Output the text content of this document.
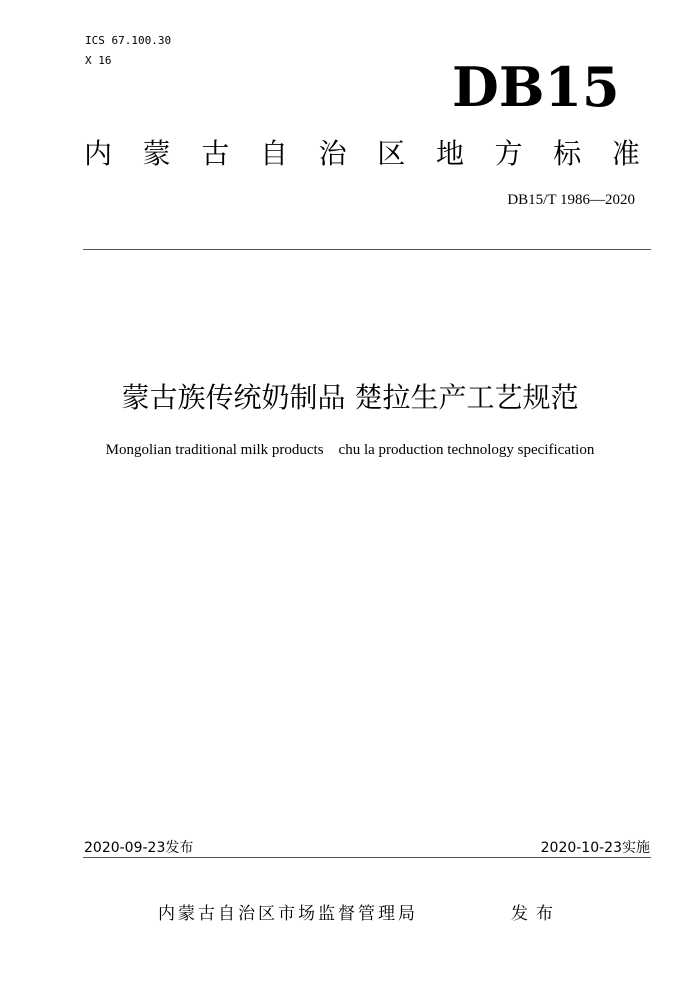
ICS 67.100.30
X 16	DB15
内 蒙 古 自 治 区 地 方 标 准
DB15/T 1986—2020
蒙古族传统奶制品 楚拉生产工艺规范
Mongolian traditional milk products    chu la production technology specification
2020-09-23发布	2020-10-23实施
内蒙古自治区市场监督管理局	发布
